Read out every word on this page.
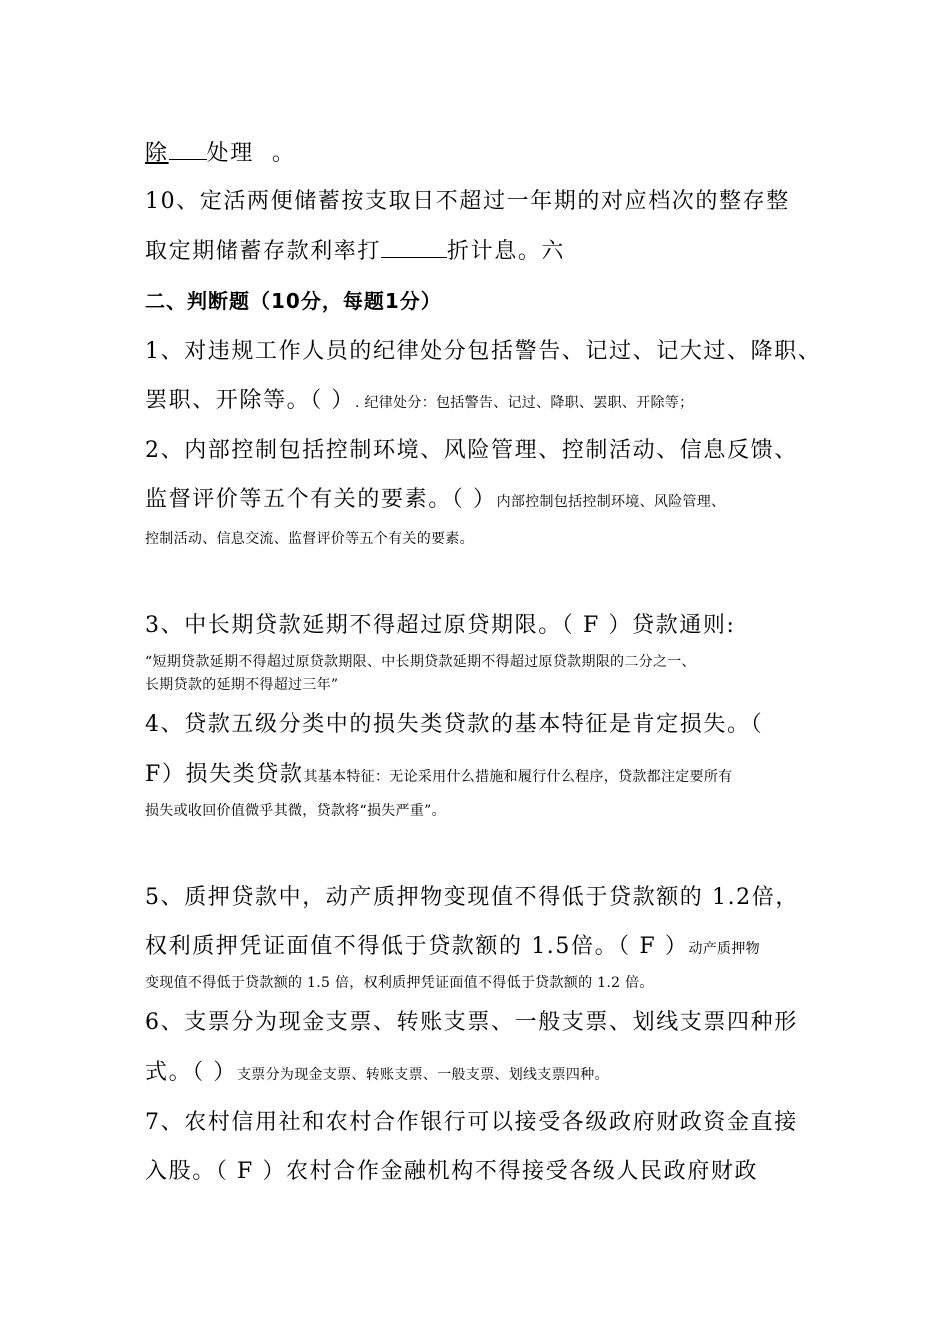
除 处理 。
10、定活两便储蓄按支取日不超过一年期的对应档次的整存整
取定期储蓄存款利率打	折计息。六
二、判断题（10分，每题1分）
1、对违规工作人员的纪律处分包括警告、记过、记大过、降职、
罢职、开除等。（ ）. 纪律处分：包括警告、记过、降职、罢职、开除等；
2、内部控制包括控制环境、风险管理、控制活动、信息反馈、
监督评价等五个有关的要素。（ ）内部控制包括控制环境、风险管理、
控制活动、信息交流、监督评价等五个有关的要素。
3、中长期贷款延期不得超过原贷期限。（ F ）贷款通则:
“短期贷款延期不得超过原贷款期限、中长期贷款延期不得超过原贷款期限的二分之一、
长期贷款的延期不得超过三年”
4、贷款五级分类中的损失类贷款的基本特征是肯定损失。（
F）损失类贷款其基本特征：无论采用什么措施和履行什么程序，贷款都注定要所有
损失或收回价值微乎其微，贷款将“损失严重”。
5、质押贷款中，动产质押物变现值不得低于贷款额的 1.2倍，
权利质押凭证面值不得低于贷款额的 1.5倍。（ F ）动产质押物
变现值不得低于贷款额的 1.5 倍，权利质押凭证面值不得低于贷款额的 1.2 倍。
6、支票分为现金支票、转账支票、一般支票、划线支票四种形
式。（ ）支票分为现金支票、转账支票、一般支票、划线支票四种。
7、农村信用社和农村合作银行可以接受各级政府财政资金直接
入股。（ F ）农村合作金融机构不得接受各级人民政府财政
